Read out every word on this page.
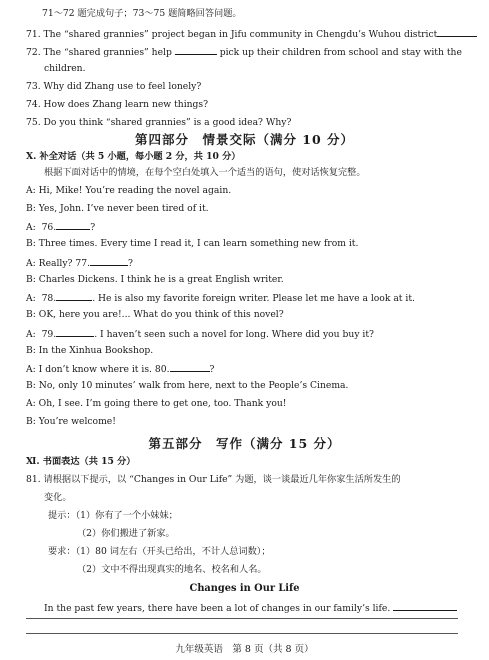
71～72 题完成句子；73～75 题简略回答问题。
71. The “shared grannies” project began in Jifu community in Chengdu’s Wuhou district
72. The “shared grannies” help	pick up their children from school and stay with the
children.
73. Why did Zhang use to feel lonely?
74. How does Zhang learn new things?
75. Do you think “shared grannies” is a good idea? Why?
第四部分　情景交际（满分 10 分）
Ⅹ. 补全对话（共 5 小题，每小题 2 分，共 10 分）
根据下面对话中的情境，在每个空白处填入一个适当的语句，使对话恢复完整。
A: Hi, Mike! You’re reading the novel again.
B: Yes, John. I’ve never been tired of it.
A: 76.	?
B: Three times. Every time I read it, I can learn something new from it.
A: Really? 77.	?
B: Charles Dickens. I think he is a great English writer.
A: 78.	. He is also my favorite foreign writer. Please let me have a look at it.
B: OK, here you are!... What do you think of this novel?
A: 79.	. I haven’t seen such a novel for long. Where did you buy it?
B: In the Xinhua Bookshop.
A: I don’t know where it is. 80.	?
B: No, only 10 minutes’ walk from here, next to the People’s Cinema.
A: Oh, I see. I’m going there to get one, too. Thank you!
B: You’re welcome!
第五部分　写作（满分 15 分）
Ⅺ. 书面表达（共 15 分）
81. 请根据以下提示，以 “Changes in Our Life” 为题，谈一谈最近几年你家生活所发生的
变化。
提示：（1）你有了一个小妹妹；
（2）你们搬进了新家。
要求：（1）80 词左右（开头已给出，不计人总词数）；
（2）文中不得出现真实的地名、校名和人名。
Changes in Our Life
In the past few years, there have been a lot of changes in our family’s life.
九年级英语　第 8 页（共 8 页）
